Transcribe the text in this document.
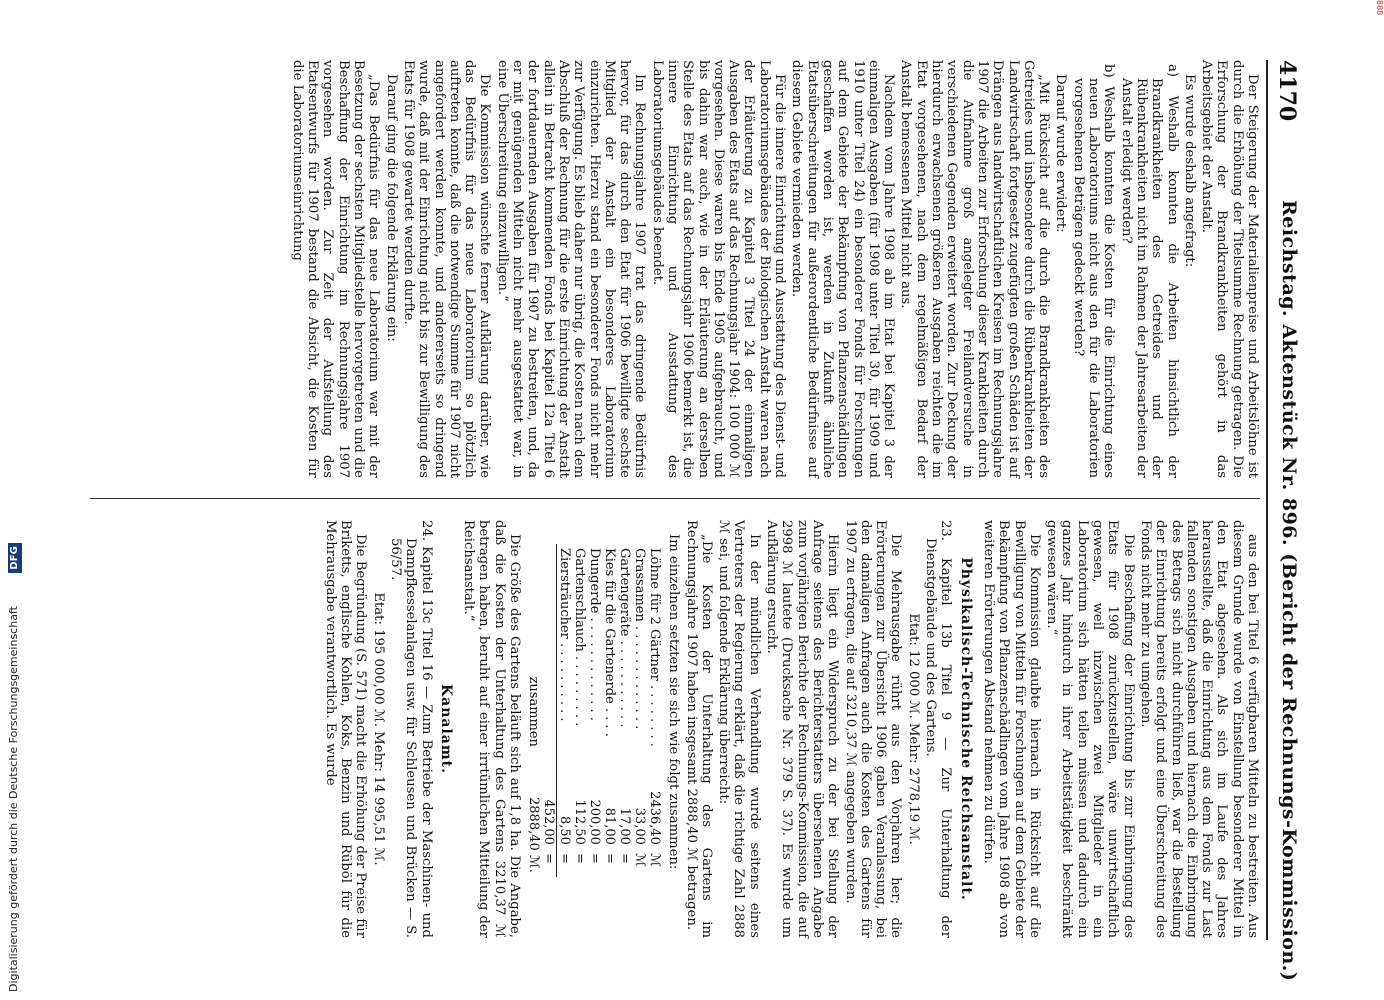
888
Digitalisierung gefördert durch die Deutsche Forschungsgemeinschaft DFG
4170
Reichstag. Aktenstück Nr. 896. (Bericht der Rechnungs-Kommission.)

Der Steigerung der Materialienpreise und Arbeitslöhne ist durch die Erhöhung der Titelsumme Rechnung getragen. Die Erforschung der Brandkrankheiten gehört in das Arbeitsgebiet der Anstalt.

Es wurde deshalb angefragt:

a) Weshalb konnten die Arbeiten hinsichtlich der Brandkrankheiten des Getreides und der Rübenkrankheiten nicht im Rahmen der Jahresarbeiten der Anstalt erledigt werden?

b) Weshalb konnten die Kosten für die Einrichtung eines neuen Laboratoriums nicht aus den für die Laboratorien vorgesehenen Beträgen gedeckt werden?

Darauf wurde erwidert:

„Mit Rücksicht auf die durch die Brandkrankheiten des Getreides und insbesondere durch die Rübenkrankheiten der Landwirtschaft fortgesetzt zugefügten großen Schäden ist auf Drängen aus landwirtschaftlichen Kreisen im Rechnungsjahre 1907 die Arbeiten zur Erforschung dieser Krankheiten durch die Aufnahme groß angelegter Freilandversuche in verschiedenen Gegenden erweitert worden. Zur Deckung der hierdurch erwachsenen größeren Ausgaben reichten die im Etat vorgesehenen, nach dem regelmäßigen Bedarf der Anstalt bemessenen Mittel nicht aus.

Nachdem vom Jahre 1908 ab im Etat bei Kapitel 3 der einmaligen Ausgaben (für 1908 unter Titel 30, für 1909 und 1910 unter Titel 24) ein besonderer Fonds für Forschungen auf dem Gebiete der Bekämpfung von Pflanzenschädlingen geschaffen worden ist, werden in Zukunft ähnliche Etatsüberschreitungen für außerordentliche Bedürfnisse auf diesem Gebiete vermieden werden.

Für die innere Einrichtung und Ausstattung des Dienst- und Laboratoriumsgebäudes der Biologischen Anstalt waren nach der Erläuterung zu Kapitel 3 Titel 24 der einmaligen Ausgaben des Etats auf das Rechnungsjahr 1904: 100 000 ℳ vorgesehen. Diese waren bis Ende 1905 aufgebraucht, und bis dahin war auch, wie in der Erläuterung an derselben Stelle des Etats auf das Rechnungsjahr 1906 bemerkt ist, die innere Einrichtung und Ausstattung des Laboratoriumsgebäudes beendet.

Im Rechnungsjahre 1907 trat das dringende Bedürfnis hervor, für das durch den Etat für 1906 bewilligte sechste Mitglied der Anstalt ein besonderes Laboratorium einzurichten. Hierzu stand ein besonderer Fonds nicht mehr zur Verfügung. Es blieb daher nur übrig, die Kosten nach dem Abschluß der Rechnung für die erste Einrichtung der Anstalt allein in Betracht kommenden Fonds bei Kapitel 12a Titel 6 der fortdauernden Ausgaben für 1907 zu bestreiten, und, da er mit genügenden Mitteln nicht mehr ausgestattet war, in eine Überschreitung einzuwilligen.“

Die Kommission wünschte ferner Aufklärung darüber, wie das Bedürfnis für das neue Laboratorium so plötzlich auftreten konnte, daß die notwendige Summe für 1907 nicht angefordert werden konnte, und andererseits so dringend wurde, daß mit der Einrichtung nicht bis zur Bewilligung des Etats für 1908 gewartet werden durfte.

Darauf ging die folgende Erklärung ein:

„Das Bedürfnis für das neue Laboratorium war mit der Besetzung der sechsten Mitgliedstelle hervorgetreten und die Beschaffung der Einrichtung im Rechnungsjahre 1907 vorgesehen worden. Zur Zeit der Aufstellung des Etatsentwurfs für 1907 bestand die Absicht, die Kosten für die Laboratoriumseinrichtung

aus den bei Titel 6 verfügbaren Mitteln zu bestreiten. Aus diesem Grunde wurde von Einstellung besonderer Mittel in den Etat abgesehen. Als sich im Laufe des Jahres herausstellte, daß die Einrichtung aus dem Fonds zur Last fallenden sonstigen Ausgaben und hiernach die Einbringung des Betrags sich nicht durchführen ließ, war die Bestellung der Einrichtung bereits erfolgt und eine Überschreitung des Fonds nicht mehr zu umgehen.

Die Beschaffung der Einrichtung bis zur Einbringung des Etats für 1908 zurückzustellen, wäre unwirtschaftlich gewesen, weil inzwischen zwei Mitglieder in ein Laboratorium sich hätten teilen müssen und dadurch ein ganzes Jahr hindurch in ihrer Arbeitstätigkeit beschränkt gewesen wären.“

Die Kommission glaubte hiernach in Rücksicht auf die Bewilligung von Mitteln für Forschungen auf dem Gebiete der Bekämpfung von Pflanzenschädlingen vom Jahre 1908 ab von weiteren Erörterungen Abstand nehmen zu dürfen.

Physikalisch-Technische Reichsanstalt.

23. Kapitel 13b Titel 9 — Zur Unterhaltung der Dienstgebäude und des Gartens.

Etat: 12 000 ℳ. Mehr: 2778,19 ℳ.

Die Mehrausgabe rührt aus den Vorjahren her; die Erörterungen zur Übersicht 1906 gaben Veranlassung, bei den damaligen Anfragen auch die Kosten des Gartens für 1907 zu erfragen, die auf 3210,37 ℳ angegeben wurden.

Hierin liegt ein Widerspruch zu der bei Stellung der Anfrage seitens des Berichterstatters übersehenen Angabe zum vorjährigen Berichte der Rechnungs-Kommission, die auf 2998 ℳ lautete (Drucksache Nr. 379 S. 37). Es wurde um Aufklärung ersucht.

In der mündlichen Verhandlung wurde seitens eines Vertreters der Regierung erklärt, daß die richtige Zahl 2888 ℳ sei, und folgende Erklärung überreicht:

„Die Kosten der Unterhaltung des Gartens im Rechnungsjahre 1907 haben insgesamt 2888,40 ℳ betragen.

Im einzelnen setzten sie sich wie folgt zusammen:

Löhne für 2 Gärtner . . . . . . . .	2436,40	ℳ
Grassamen . . . . . . . . . . . . .	33,00	ℳ
Gartengeräte . . . . . . . . . . .	17,00	=
Kies für die Gartenerde . . . .	81,00	=
Dungerde . . . . . . . . . . . . .	200,00	=
Gartenschlauch . . . . . . . . .	112,50	=
Ziersträucher . . . . . . . . . .	8,50	=
	452,00	=
zusammen	2888,40 ℳ.	

Die Größe des Gartens beläuft sich auf 1,8 ha. Die Angabe, daß die Kosten der Unterhaltung des Gartens 3210,37 ℳ betragen haben, beruht auf einer irrtümlichen Mitteilung der Reichsanstalt.“

Kanalamt.

24. Kapitel 13c Titel 16 — Zum Betriebe der Maschinen- und Dampfkesselanlagen usw. für Schleusen und Brücken — S. 56/57.

Etat: 195 000,00 ℳ. Mehr: 14 995,51 ℳ.

Die Begründung (S. 571) macht die Erhöhung der Preise für Briketts, englische Kohlen, Koks, Benzin und Rüböl für die Mehrausgabe verantwortlich. Es wurde
